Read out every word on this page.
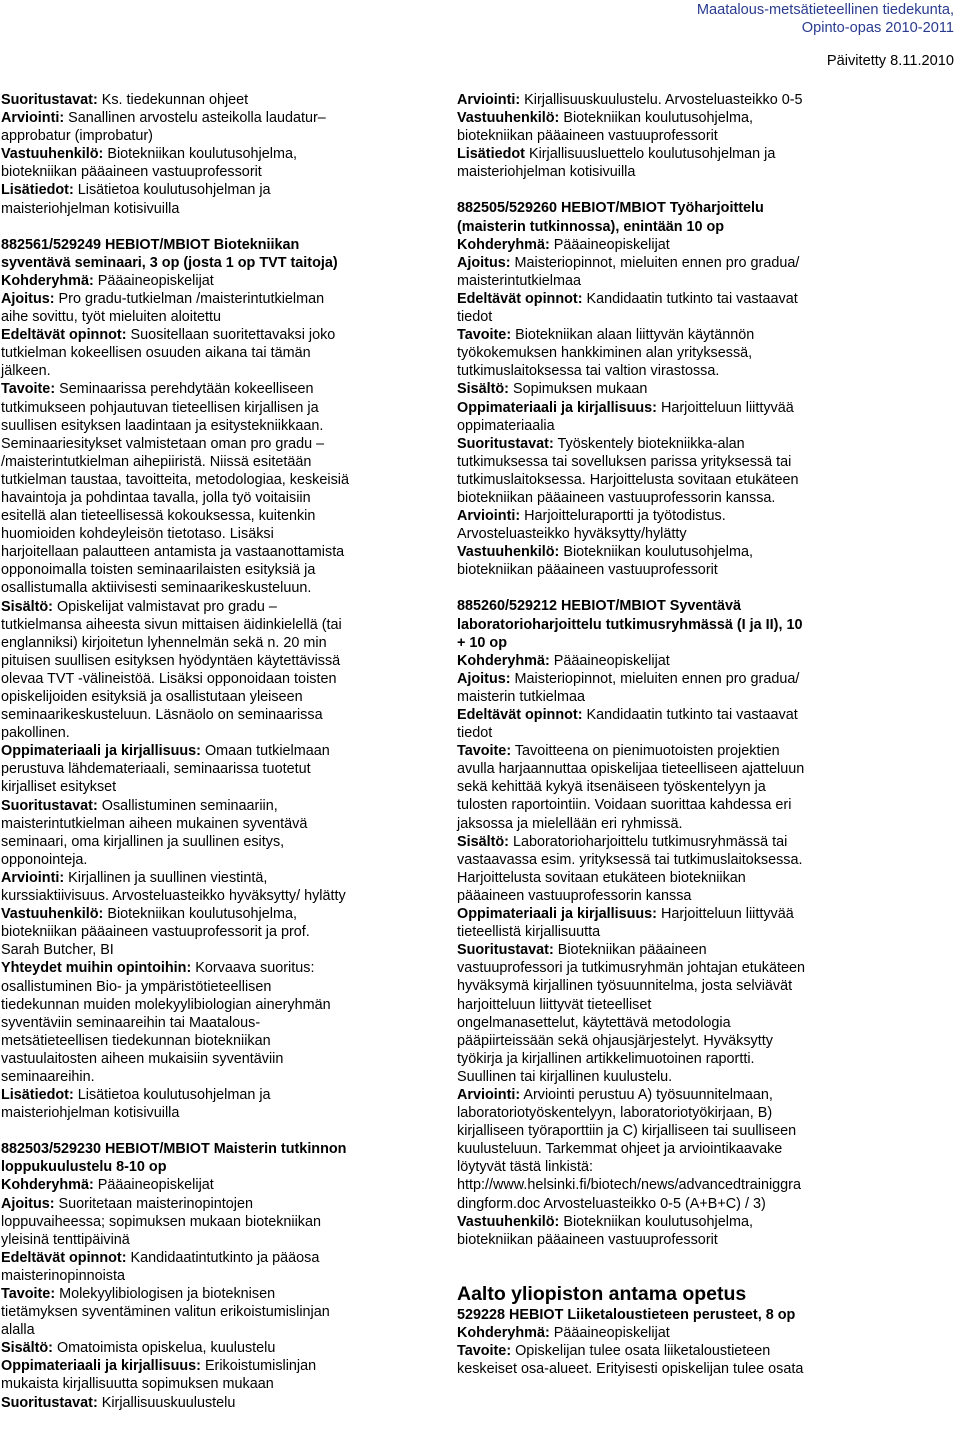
Maatalous-metsätieteellinen tiedekunta,
Opinto-opas 2010-2011
Päivitetty 8.11.2010
Suoritustavat: Ks. tiedekunnan ohjeet
Arviointi: Sanallinen arvostelu asteikolla laudatur–
approbatur (improbatur)
Vastuuhenkilö: Biotekniikan koulutusohjelma,
biotekniikan pääaineen vastuuprofessorit
Lisätiedot: Lisätietoa koulutusohjelman ja
maisteriohjelman kotisivuilla
882561/529249 HEBIOT/MBIOT Biotekniikan
syventävä seminaari, 3 op (josta 1 op TVT taitoja)
Kohderyhmä: Pääaineopiskelijat
Ajoitus: Pro gradu-tutkielman /maisterintutkielman
aihe sovittu, työt mieluiten aloitettu
Edeltävät opinnot: Suositellaan suoritettavaksi joko
tutkielman kokeellisen osuuden aikana tai tämän
jälkeen.
Tavoite: Seminaarissa perehdytään kokeelliseen
tutkimukseen pohjautuvan tieteellisen kirjallisen ja
suullisen esityksen laadintaan ja esitystekniikkaan.
Seminaariesitykset valmistetaan oman pro gradu –
/maisterintutkielman aihepiiristä. Niissä esitetään
tutkielman taustaa, tavoitteita, metodologiaa, keskeisiä
havaintoja ja pohdintaa tavalla, jolla työ voitaisiin
esitellä alan tieteellisessä kokouksessa, kuitenkin
huomioiden kohdeyleisön tietotaso. Lisäksi
harjoitellaan palautteen antamista ja vastaanottamista
opponoimalla toisten seminaarilaisten esityksiä ja
osallistumalla aktiivisesti seminaarikeskusteluun.
Sisältö: Opiskelijat valmistavat pro gradu –
tutkielmansa aiheesta sivun mittaisen äidinkielellä (tai
englanniksi) kirjoitetun lyhennelmän sekä n. 20 min
pituisen suullisen esityksen hyödyntäen käytettävissä
olevaa TVT -välineistöä. Lisäksi opponoidaan toisten
opiskelijoiden esityksiä ja osallistutaan yleiseen
seminaarikeskusteluun. Läsnäolo on seminaarissa
pakollinen.
Oppimateriaali ja kirjallisuus: Omaan tutkielmaan
perustuva lähdemateriaali, seminaarissa tuotetut
kirjalliset esitykset
Suoritustavat: Osallistuminen seminaariin,
maisterintutkielman aiheen mukainen syventävä
seminaari, oma kirjallinen ja suullinen esitys,
opponointeja.
Arviointi: Kirjallinen ja suullinen viestintä,
kurssiaktiivisuus. Arvosteluasteikko hyväksytty/ hylätty
Vastuuhenkilö: Biotekniikan koulutusohjelma,
biotekniikan pääaineen vastuuprofessorit ja prof.
Sarah Butcher, BI
Yhteydet muihin opintoihin: Korvaava suoritus:
osallistuminen Bio- ja ympäristötieteellisen
tiedekunnan muiden molekyylibiologian aineryhmän
syventäviin seminaareihin tai Maatalous-
metsätieteellisen tiedekunnan biotekniikan
vastuulaitosten aiheen mukaisiin syventäviin
seminaareihin.
Lisätiedot: Lisätietoa koulutusohjelman ja
maisteriohjelman kotisivuilla
882503/529230 HEBIOT/MBIOT Maisterin tutkinnon
loppukuulustelu 8-10 op
Kohderyhmä: Pääaineopiskelijat
Ajoitus: Suoritetaan maisterinopintojen
loppuvaiheessa; sopimuksen mukaan biotekniikan
yleisinä tenttipäivinä
Edeltävät opinnot: Kandidaatintutkinto ja pääosa
maisterinopinnoista
Tavoite: Molekyylibiologisen ja bioteknisen
tietämyksen syventäminen valitun erikoistumislinjan
alalla
Sisältö: Omatoimista opiskelua, kuulustelu
Oppimateriaali ja kirjallisuus: Erikoistumislinjan
mukaista kirjallisuutta sopimuksen mukaan
Suoritustavat: Kirjallisuuskuulustelu
Arviointi: Kirjallisuuskuulustelu. Arvosteluasteikko 0-5
Vastuuhenkilö: Biotekniikan koulutusohjelma,
biotekniikan pääaineen vastuuprofessorit
Lisätiedot Kirjallisuusluettelo koulutusohjelman ja
maisteriohjelman kotisivuilla
882505/529260 HEBIOT/MBIOT Työharjoittelu
(maisterin tutkinnossa), enintään 10 op
Kohderyhmä: Pääaineopiskelijat
Ajoitus: Maisteriopinnot, mieluiten ennen pro gradua/
maisterintutkielmaa
Edeltävät opinnot: Kandidaatin tutkinto tai vastaavat
tiedot
Tavoite: Biotekniikan alaan liittyvän käytännön
työkokemuksen hankkiminen alan yrityksessä,
tutkimuslaitoksessa tai valtion virastossa.
Sisältö: Sopimuksen mukaan
Oppimateriaali ja kirjallisuus: Harjoitteluun liittyvää
oppimateriaalia
Suoritustavat: Työskentely biotekniikka-alan
tutkimuksessa tai sovelluksen parissa yrityksessä tai
tutkimuslaitoksessa. Harjoittelusta sovitaan etukäteen
biotekniikan pääaineen vastuuprofessorin kanssa.
Arviointi: Harjoitteluraportti ja työtodistus.
Arvosteluasteikko hyväksytty/hylätty
Vastuuhenkilö: Biotekniikan koulutusohjelma,
biotekniikan pääaineen vastuuprofessorit
885260/529212 HEBIOT/MBIOT Syventävä
laboratorioharjoittelu tutkimusryhmässä (I ja II), 10
+ 10 op
Kohderyhmä: Pääaineopiskelijat
Ajoitus: Maisteriopinnot, mieluiten ennen pro gradua/
maisterin tutkielmaa
Edeltävät opinnot: Kandidaatin tutkinto tai vastaavat
tiedot
Tavoite: Tavoitteena on pienimuotoisten projektien
avulla harjaannuttaa opiskelijaa tieteelliseen ajatteluun
sekä kehittää kykyä itsenäiseen työskentelyyn ja
tulosten raportointiin. Voidaan suorittaa kahdessa eri
jaksossa ja mielellään eri ryhmissä.
Sisältö: Laboratorioharjoittelu tutkimusryhmässä tai
vastaavassa esim. yrityksessä tai tutkimuslaitoksessa.
Harjoittelusta sovitaan etukäteen biotekniikan
pääaineen vastuuprofessorin kanssa
Oppimateriaali ja kirjallisuus: Harjoitteluun liittyvää
tieteellistä kirjallisuutta
Suoritustavat: Biotekniikan pääaineen
vastuuprofessori ja tutkimusryhmän johtajan etukäteen
hyväksymä kirjallinen työsuunnitelma, josta selviävät
harjoitteluun liittyvät tieteelliset
ongelmanasettelut, käytettävä metodologia
pääpiirteissään sekä ohjausjärjestelyt. Hyväksytty
työkirja ja kirjallinen artikkelimuotoinen raportti.
Suullinen tai kirjallinen kuulustelu.
Arviointi: Arviointi perustuu A) työsuunnitelmaan,
laboratoriotyöskentelyyn, laboratoriotyökirjaan, B)
kirjalliseen työraporttiin ja C) kirjalliseen tai suulliseen
kuulusteluun. Tarkemmat ohjeet ja arviointikaavake
löytyvät tästä linkistä:
http://www.helsinki.fi/biotech/news/advancedtrainiggra
dingform.doc Arvosteluasteikko 0-5 (A+B+C) / 3)
Vastuuhenkilö: Biotekniikan koulutusohjelma,
biotekniikan pääaineen vastuuprofessorit
Aalto yliopiston antama opetus
529228 HEBIOT Liiketaloustieteen perusteet, 8 op
Kohderyhmä: Pääaineopiskelijat
Tavoite: Opiskelijan tulee osata liiketaloustieteen
keskeiset osa-alueet. Erityisesti opiskelijan tulee osata
